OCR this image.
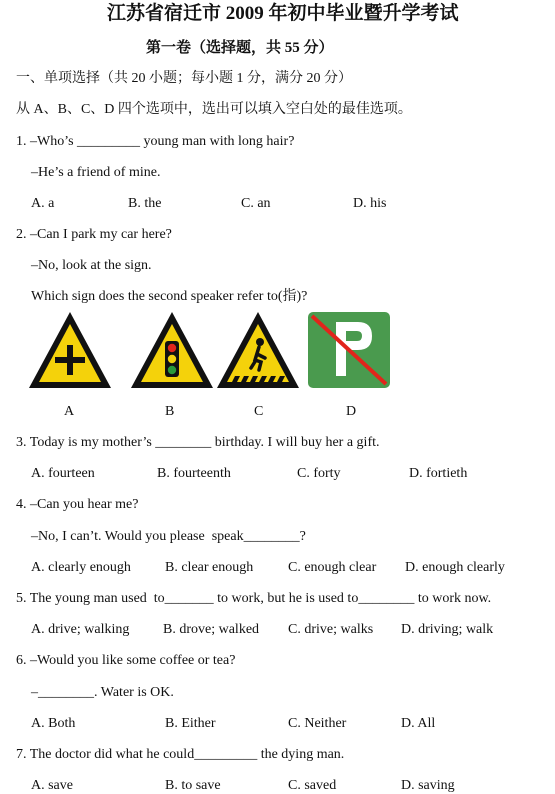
江苏省宿迁市 2009 年初中毕业暨升学考试
第一卷（选择题，共 55 分）
一、单项选择（共 20 小题；每小题 1 分，满分 20 分）
从 A、B、C、D 四个选项中，选出可以填入空白处的最佳选项。
1. –Who’s _________ young man with long hair?
–He’s a friend of mine.
A. a	B. the	C. an	D. his
2. –Can I park my car here?
–No, look at the sign.
Which sign does the second speaker refer to(指)?
A	B	C	D
3. Today is my mother’s ________ birthday. I will buy her a gift.
A. fourteen	B. fourteenth	C. forty	D. fortieth
4. –Can you hear me?
–No, I can’t. Would you please  speak________?
A. clearly enough B. clear enough C. enough clear D. enough clearly
5. The young man used  to_______ to work, but he is used to________ to work now.
A. drive; walking B. drove; walked C. drive; walks D. driving; walk
6. –Would you like some coffee or tea?
–________. Water is OK.
A. Both	B. Either	C. Neither	D. All
7. The doctor did what he could_________ the dying man.
A. save	B. to save	C. saved	D. saving
